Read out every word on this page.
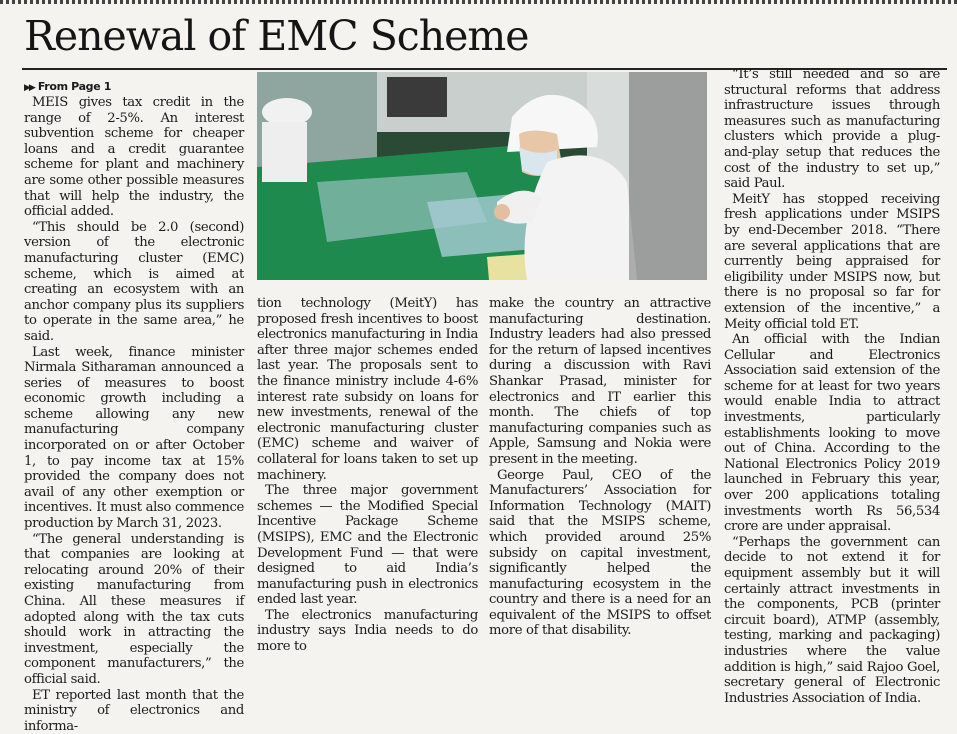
Renewal of EMC Scheme

▶▶ From Page 1

MEIS gives tax credit in the range of 2-5%. An interest subvention scheme for cheaper loans and a credit guarantee scheme for plant and machinery are some other possible measures that will help the industry, the official added.

“This should be 2.0 (second) version of the electronic manufacturing cluster (EMC) scheme, which is aimed at creating an ecosystem with an anchor company plus its suppliers to operate in the same area,” he said.

Last week, finance minister Nirmala Sitharaman announced a series of measures to boost economic growth including a scheme allowing any new manufacturing company incorporated on or after October 1, to pay income tax at 15% provided the company does not avail of any other exemption or incentives. It must also commence production by March 31, 2023.

“The general understanding is that companies are looking at relocating around 20% of their existing manufacturing from China. All these measures if adopted along with the tax cuts should work in attracting the investment, especially the component manufacturers,” the official said.

ET reported last month that the ministry of electronics and informa-

tion technology (MeitY) has proposed fresh incentives to boost electronics manufacturing in India after three major schemes ended last year. The proposals sent to the finance ministry include 4-6% interest rate subsidy on loans for new investments, renewal of the electronic manufacturing cluster (EMC) scheme and waiver of collateral for loans taken to set up machinery.

The three major government schemes — the Modified Special Incentive Package Scheme (MSIPS), EMC and the Electronic Development Fund — that were designed to aid India’s manufacturing push in electronics ended last year.

The electronics manufacturing industry says India needs to do more to

make the country an attractive manufacturing destination. Industry leaders had also pressed for the return of lapsed incentives during a discussion with Ravi Shankar Prasad, minister for electronics and IT earlier this month. The chiefs of top manufacturing companies such as Apple, Samsung and Nokia were present in the meeting.

George Paul, CEO of the Manufacturers’ Association for Information Technology (MAIT) said that the MSIPS scheme, which provided around 25% subsidy on capital investment, significantly helped the manufacturing ecosystem in the country and there is a need for an equivalent of the MSIPS to offset more of that disability.

“It’s still needed and so are structural reforms that address infrastructure issues through measures such as manufacturing clusters which provide a plug-and-play setup that reduces the cost of the industry to set up,” said Paul.

MeitY has stopped receiving fresh applications under MSIPS by end-December 2018. “There are several applications that are currently being appraised for eligibility under MSIPS now, but there is no proposal so far for extension of the incentive,” a Meity official told ET.

An official with the Indian Cellular and Electronics Association said extension of the scheme for at least for two years would enable India to attract investments, particularly establishments looking to move out of China. According to the National Electronics Policy 2019 launched in February this year, over 200 applications totaling investments worth Rs 56,534 crore are under appraisal.

“Perhaps the government can decide to not extend it for equipment assembly but it will certainly attract investments in the components, PCB (printer circuit board), ATMP (assembly, testing, marking and packaging) industries where the value addition is high,” said Rajoo Goel, secretary general of Electronic Industries Association of India.
